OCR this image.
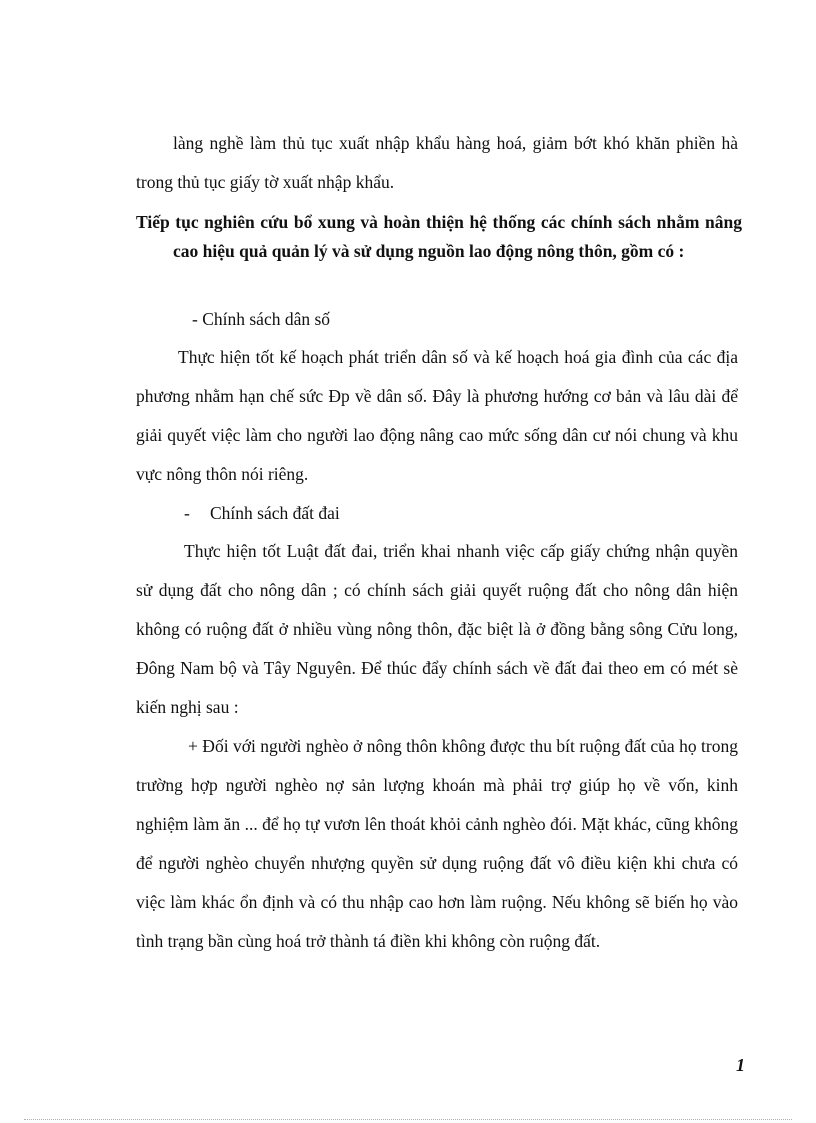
làng nghề làm thủ tục xuất nhập khẩu hàng hoá, giảm bớt khó khăn phiền hà trong thủ tục giấy tờ xuất nhập khẩu.

Tiếp tục nghiên cứu bổ xung và hoàn thiện hệ thống các chính sách nhằm nâng cao hiệu quả quản lý và sử dụng nguồn lao động nông thôn, gồm có :
- Chính sách dân số

Thực hiện tốt kế hoạch phát triển dân số và kế hoạch hoá gia đình của các địa phương nhằm hạn chế sức Đp về dân số. Đây là phương hướng cơ bản và lâu dài để giải quyết việc làm cho người lao động nâng cao mức sống dân cư nói chung và khu vực nông thôn nói riêng.

- Chính sách đất đai

Thực hiện tốt Luật đất đai, triển khai nhanh việc cấp giấy chứng nhận quyền sử dụng đất cho nông dân ; có chính sách giải quyết ruộng đất cho nông dân hiện không có ruộng đất ở nhiều vùng nông thôn, đặc biệt là ở đồng bằng sông Cửu long, Đông Nam bộ và Tây Nguyên. Để thúc đẩy chính sách về đất đai theo em có mét sè kiến nghị sau :

+ Đối với người nghèo ở nông thôn không được thu bít ruộng đất của họ trong trường hợp người nghèo nợ sản lượng khoán mà phải trợ giúp họ về vốn, kinh nghiệm làm ăn ... để họ tự vươn lên thoát khỏi cảnh nghèo đói. Mặt khác, cũng không để người nghèo chuyển nhượng quyền sử dụng ruộng đất vô điều kiện khi chưa có việc làm khác ổn định và có thu nhập cao hơn làm ruộng. Nếu không sẽ biến họ vào tình trạng bần cùng hoá trở thành tá điền khi không còn ruộng đất.

1
